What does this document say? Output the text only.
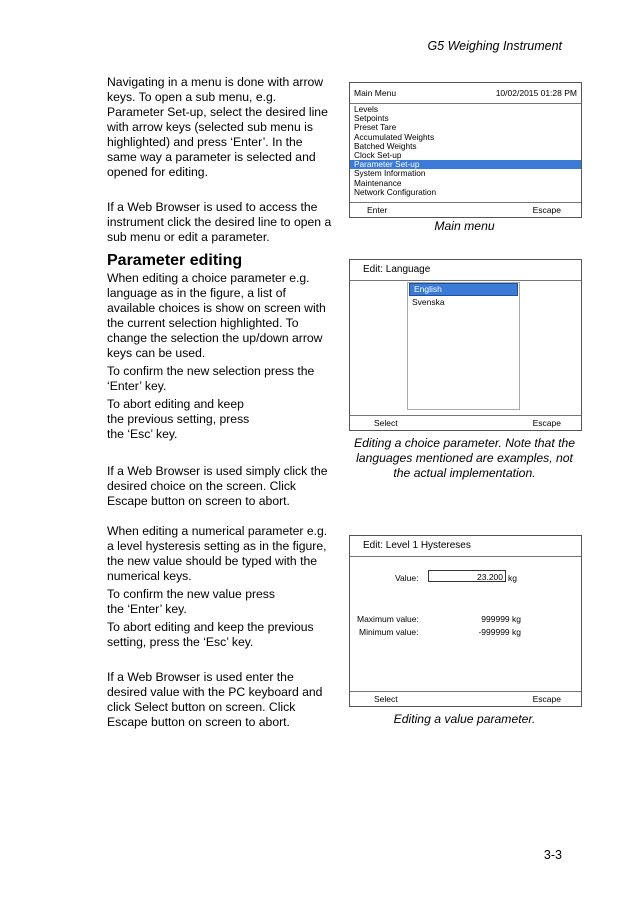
G5 Weighing Instrument

Navigating in a menu is done with arrow keys. To open a sub menu, e.g. Parameter Set-up, select the desired line with arrow keys (selected sub menu is highlighted) and press ‘Enter’. In the same way a parameter is selected and opened for editing.

If a Web Browser is used to access the instrument click the desired line to open a sub menu or edit a parameter.

Main Menu	10/02/2015 01:28 PM
Levels
Setpoints
Preset Tare
Accumulated Weights
Batched Weights
Clock Set-up
Parameter Set-up
System Information
Maintenance
Network Configuration
Enter	Escape
Main menu
Parameter editing

When editing a choice parameter e.g. language as in the figure, a list of available choices is show on screen with the current selection highlighted. To change the selection the up/down arrow keys can be used.

To confirm the new selection press the ‘Enter’ key.

To abort editing and keep the previous setting, press the ‘Esc’ key.

If a Web Browser is used simply click the desired choice on the screen. Click Escape button on screen to abort.

Edit: Language
English
Svenska
Select	Escape
Editing a choice parameter. Note that the languages mentioned are examples, not the actual implementation.

When editing a numerical parameter e.g. a level hysteresis setting as in the figure, the new value should be typed with the numerical keys.

To confirm the new value press the ‘Enter’ key.

To abort editing and keep the previous setting, press the ‘Esc’ key.

If a Web Browser is used enter the desired value with the PC keyboard and click Select button on screen. Click Escape button on screen to abort.

Edit: Level 1 Hystereses
Value:	23.200 kg
Maximum value:	999999 kg
Minimum value:	-999999 kg
Select	Escape
Editing a value parameter.
3-3
